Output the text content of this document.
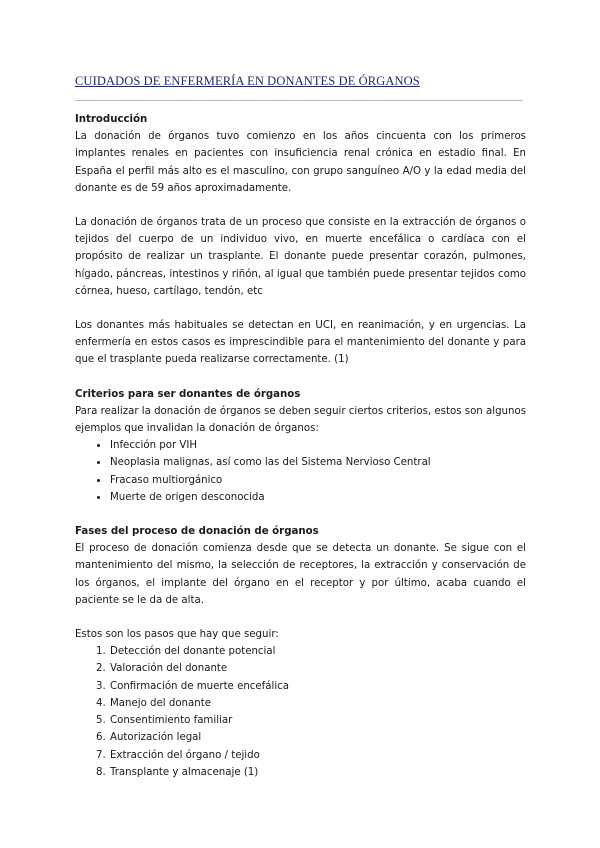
CUIDADOS DE ENFERMERÍA EN DONANTES DE ÓRGANOS
Introducción

La donación de órganos tuvo comienzo en los años cincuenta con los primeros implantes renales en pacientes con insuficiencia renal crónica en estadio final. En España el perfil más alto es el masculino, con grupo sanguíneo A/O y la edad media del donante es de 59 años aproximadamente.

La donación de órganos trata de un proceso que consiste en la extracción de órganos o tejidos del cuerpo de un individuo vivo, en muerte encefálica o cardíaca con el propósito de realizar un trasplante. El donante puede presentar corazón, pulmones, hígado, páncreas, intestinos y riñón, al igual que también puede presentar tejidos como córnea, hueso, cartílago, tendón, etc

Los donantes más habituales se detectan en UCI, en reanimación, y en urgencias. La enfermería en estos casos es imprescindible para el mantenimiento del donante y para que el trasplante pueda realizarse correctamente. (1)

Criterios para ser donantes de órganos

Para realizar la donación de órganos se deben seguir ciertos criterios, estos son algunos ejemplos que invalidan la donación de órganos:

• Infección por VIH
• Neoplasia malignas, así como las del Sistema Nervioso Central
• Fracaso multiorgánico
• Muerte de origen desconocida
Fases del proceso de donación de órganos

El proceso de donación comienza desde que se detecta un donante. Se sigue con el mantenimiento del mismo, la selección de receptores, la extracción y conservación de los órganos, el implante del órgano en el receptor y por último, acaba cuando el paciente se le da de alta.

Estos son los pasos que hay que seguir:

1. Detección del donante potencial
2. Valoración del donante
3. Confirmación de muerte encefálica
4. Manejo del donante
5. Consentimiento familiar
6. Autorización legal
7. Extracción del órgano / tejido
8. Transplante y almacenaje (1)
